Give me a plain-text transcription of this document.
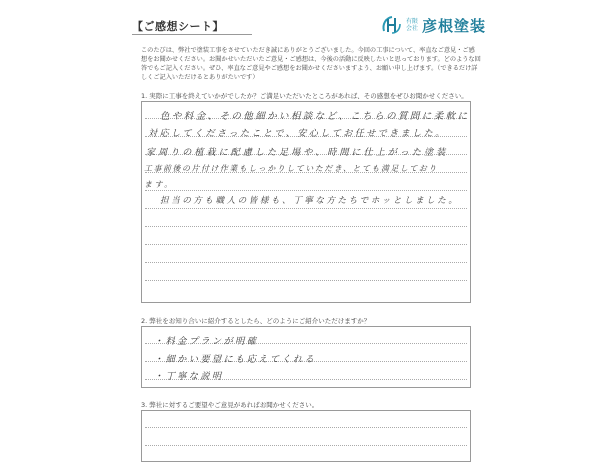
【ご感想シート】	有限会社 彦根塗装
このたびは、弊社で塗装工事をさせていただき誠にありがとうございました。今回の工事について、率直なご意見・ご感想をお聞かせください。お聞かせいただいたご意見・ご感想は、今後の活動に反映したいと思っております。どのような回答でもご記入ください。ぜひ、率直なご意見やご感想をお聞かせくださいますよう、お願い申し上げます。（できるだけ詳しくご記入いただけるとありがたいです）
1. 実際に工事を終えていかがでしたか？ご満足いただいたところがあれば、その感想をぜひお聞かせください。
色や料金、その他細かい相談など、こちらの質問に柔軟に
対応してくださったことで、安心してお任せできました。
家周りの植栽に配慮した足場や、時間に仕上がった塗装
工事前後の片付け作業もしっかりしていただき、とても満足しており
ます。
担当の方も職人の皆様も、丁寧な方たちでホッとしました。
2. 弊社をお知り合いに紹介するとしたら、どのようにご紹介いただけますか？
・料金プランが明確
・細かい要望にも応えてくれる
・丁寧な説明
3. 弊社に対するご要望やご意見があればお聞かせください。
